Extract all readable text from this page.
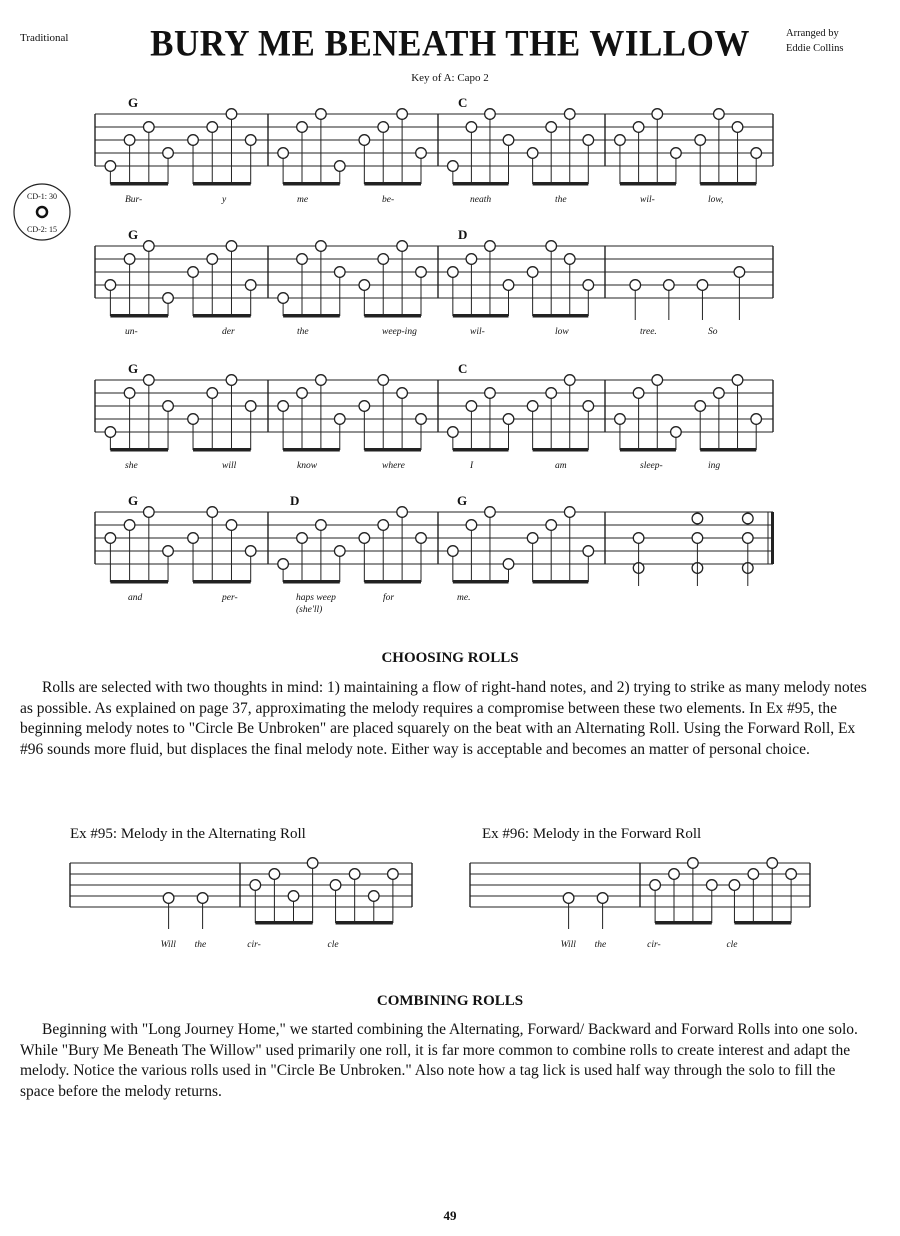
Traditional	BURY ME BENEATH THE WILLOW	Arranged by
Eddie Collins
Key of A: Capo 2
G	C
Bur-	y	me	be-	neath	the	wil-	low,
G	D
un-	der	the	weep-ing	wil-	low	tree.	So
G	C
she	will	know	where	I	am	sleep-	ing
G	D	G
and	per-	haps weep
(she'll)
for	me.
CD-1: 30
CD-2: 15
Will the	cir-	cle	Will the	cir-	cle
CHOOSING ROLLS

Rolls are selected with two thoughts in mind: 1) maintaining a flow of right-hand notes, and 2) trying to strike as many melody notes as possible. As explained on page 37, approximating the melody requires a compromise between these two elements. In Ex #95, the beginning melody notes to "Circle Be Unbroken" are placed squarely on the beat with an Alternating Roll. Using the Forward Roll, Ex #96 sounds more fluid, but displaces the final melody note. Either way is acceptable and becomes an matter of personal choice.

Ex #95: Melody in the Alternating Roll	Ex #96: Melody in the Forward Roll
COMBINING ROLLS

Beginning with "Long Journey Home," we started combining the Alternating, Forward/ Backward and Forward Rolls into one solo. While "Bury Me Beneath The Willow" used primarily one roll, it is far more common to combine rolls to create interest and adapt the melody. Notice the various rolls used in "Circle Be Unbroken." Also note how a tag lick is used half way through the solo to fill the space before the melody returns.

49
